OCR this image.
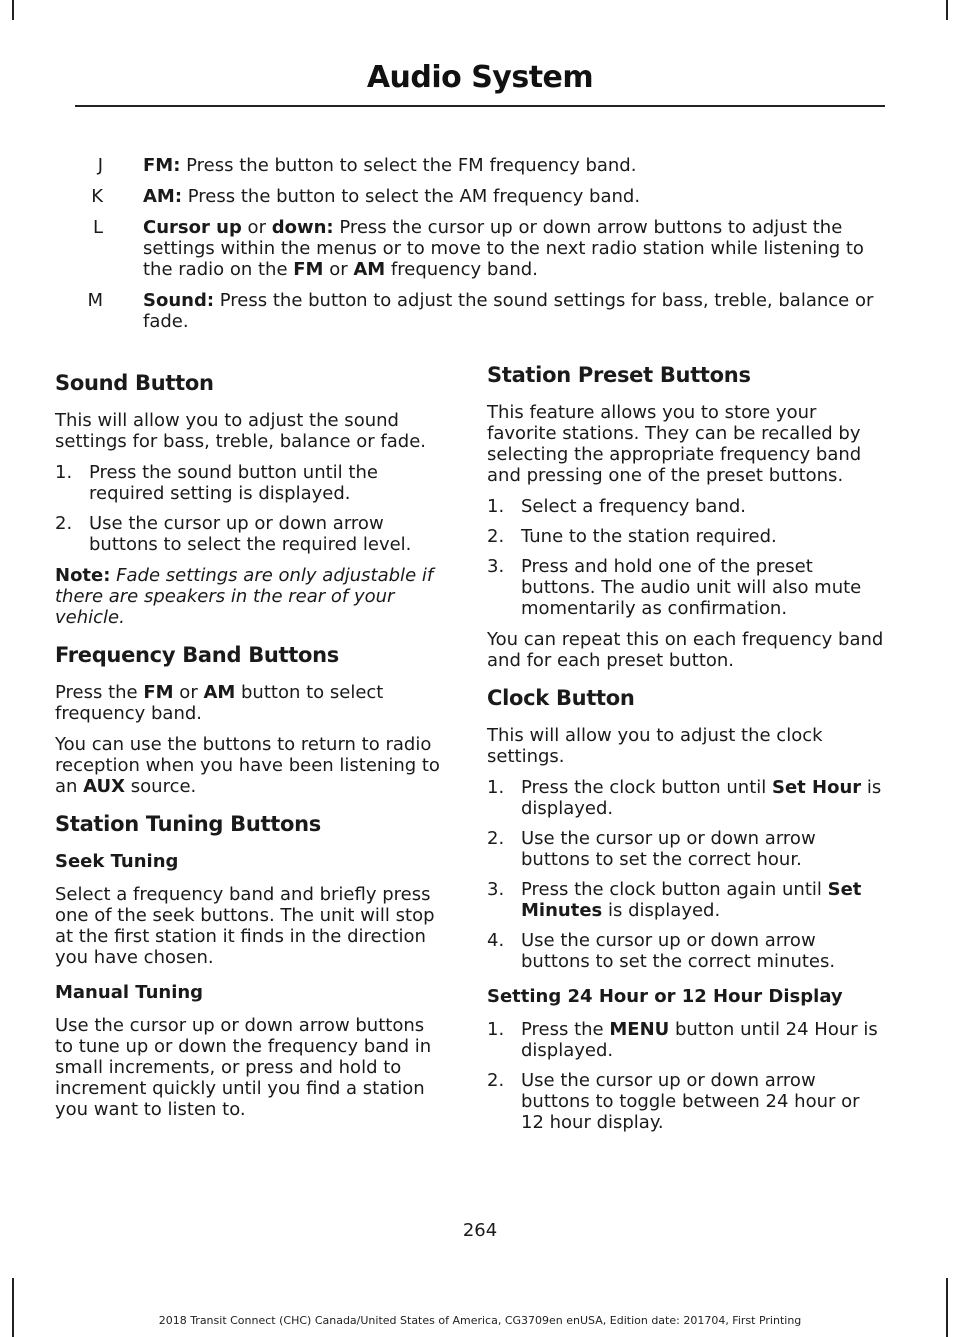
Audio System
J	FM: Press the button to select the FM frequency band.
K	AM: Press the button to select the AM frequency band.
L	Cursor up or down: Press the cursor up or down arrow buttons to adjust the settings within the menus or to move to the next radio station while listening to the radio on the FM or AM frequency band.
M	Sound: Press the button to adjust the sound settings for bass, treble, balance or fade.
Sound Button

This will allow you to adjust the sound settings for bass, treble, balance or fade.

1. Press the sound button until the required setting is displayed.
2. Use the cursor up or down arrow buttons to select the required level.

Note: Fade settings are only adjustable if there are speakers in the rear of your vehicle.

Frequency Band Buttons

Press the FM or AM button to select frequency band.

You can use the buttons to return to radio reception when you have been listening to an AUX source.

Station Tuning Buttons
Seek Tuning

Select a frequency band and briefly press one of the seek buttons. The unit will stop at the first station it finds in the direction you have chosen.

Manual Tuning

Use the cursor up or down arrow buttons to tune up or down the frequency band in small increments, or press and hold to increment quickly until you find a station you want to listen to.

Station Preset Buttons

This feature allows you to store your favorite stations. They can be recalled by selecting the appropriate frequency band and pressing one of the preset buttons.

1. Select a frequency band.
2. Tune to the station required.
3. Press and hold one of the preset buttons. The audio unit will also mute momentarily as confirmation.

You can repeat this on each frequency band and for each preset button.

Clock Button

This will allow you to adjust the clock settings.

1. Press the clock button until Set Hour is displayed.
2. Use the cursor up or down arrow buttons to set the correct hour.
3. Press the clock button again until Set Minutes is displayed.
4. Use the cursor up or down arrow buttons to set the correct minutes.
Setting 24 Hour or 12 Hour Display
1. Press the MENU button until 24 Hour is displayed.
2. Use the cursor up or down arrow buttons to toggle between 24 hour or 12 hour display.
264
2018 Transit Connect (CHC) Canada/United States of America, CG3709en enUSA, Edition date: 201704, First Printing
